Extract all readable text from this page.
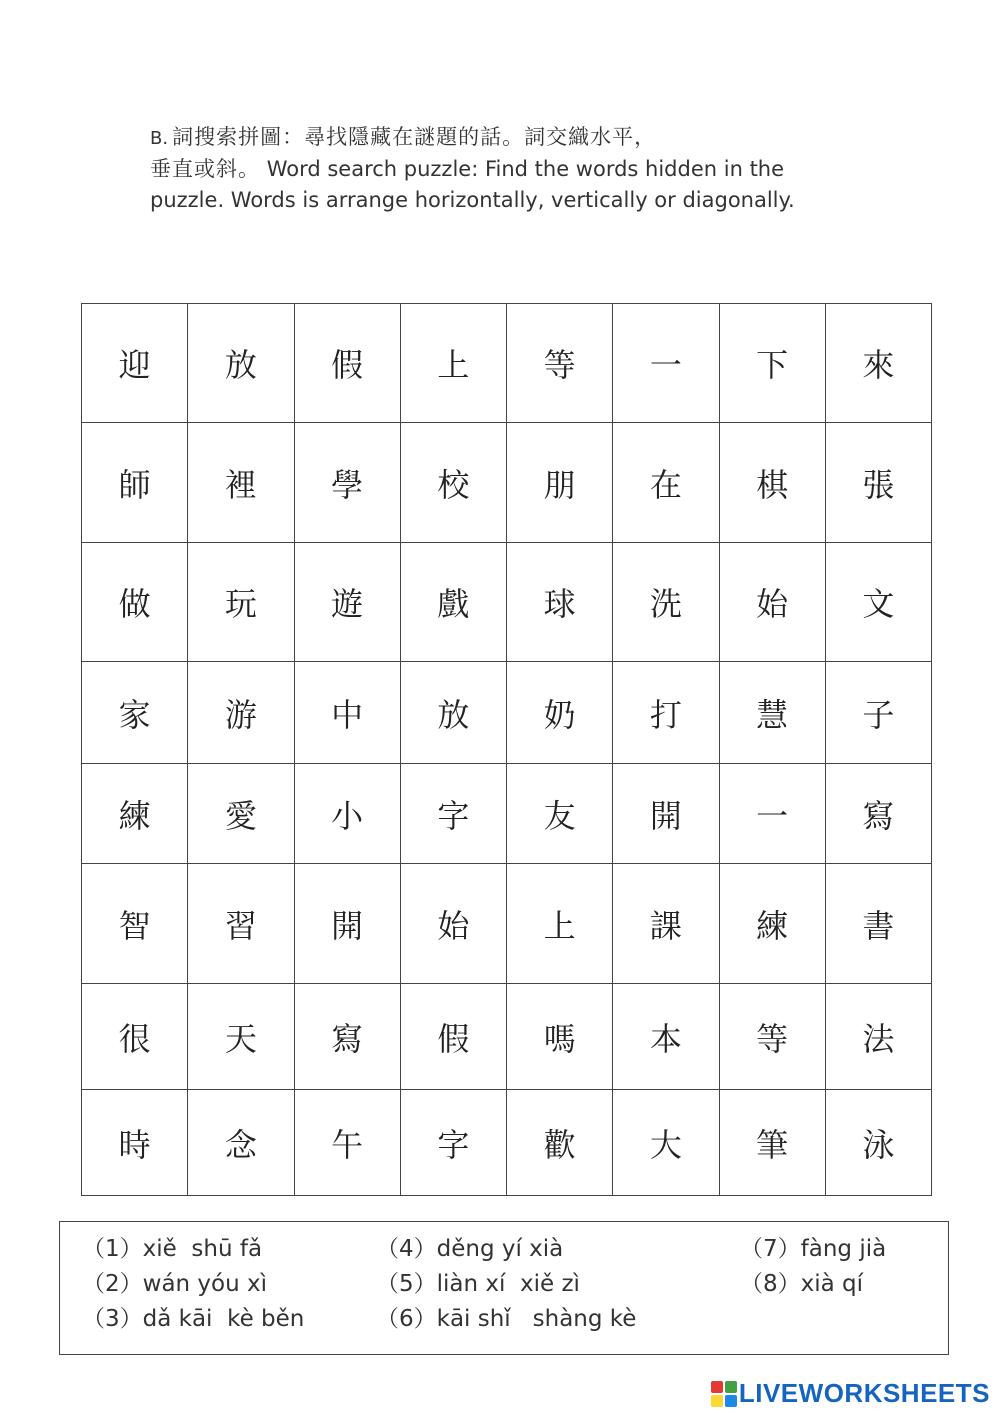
B. 詞搜索拼圖：尋找隱藏在謎題的話。詞交織水平，
垂直或斜。 Word search puzzle: Find the words hidden in the puzzle. Words is arrange horizontally, vertically or diagonally.
迎	放	假	上	等	一	下	來
師	裡	學	校	朋	在	棋	張
做	玩	遊	戲	球	洗	始	文
家	游	中	放	奶	打	慧	子
練	愛	小	字	友	開	一	寫
智	習	開	始	上	課	練	書
很	天	寫	假	嗎	本	等	法
時	念	午	字	歡	大	筆	泳
（1）xiě  shū fǎ
（2）wán yóu xì
（3）dǎ kāi  kè běn
（4）děng yí xià
（5）liàn xí  xiě zì
（6）kāi shǐ   shàng kè
（7）fàng jià
（8）xià qí
LIVEWORKSHEETS
